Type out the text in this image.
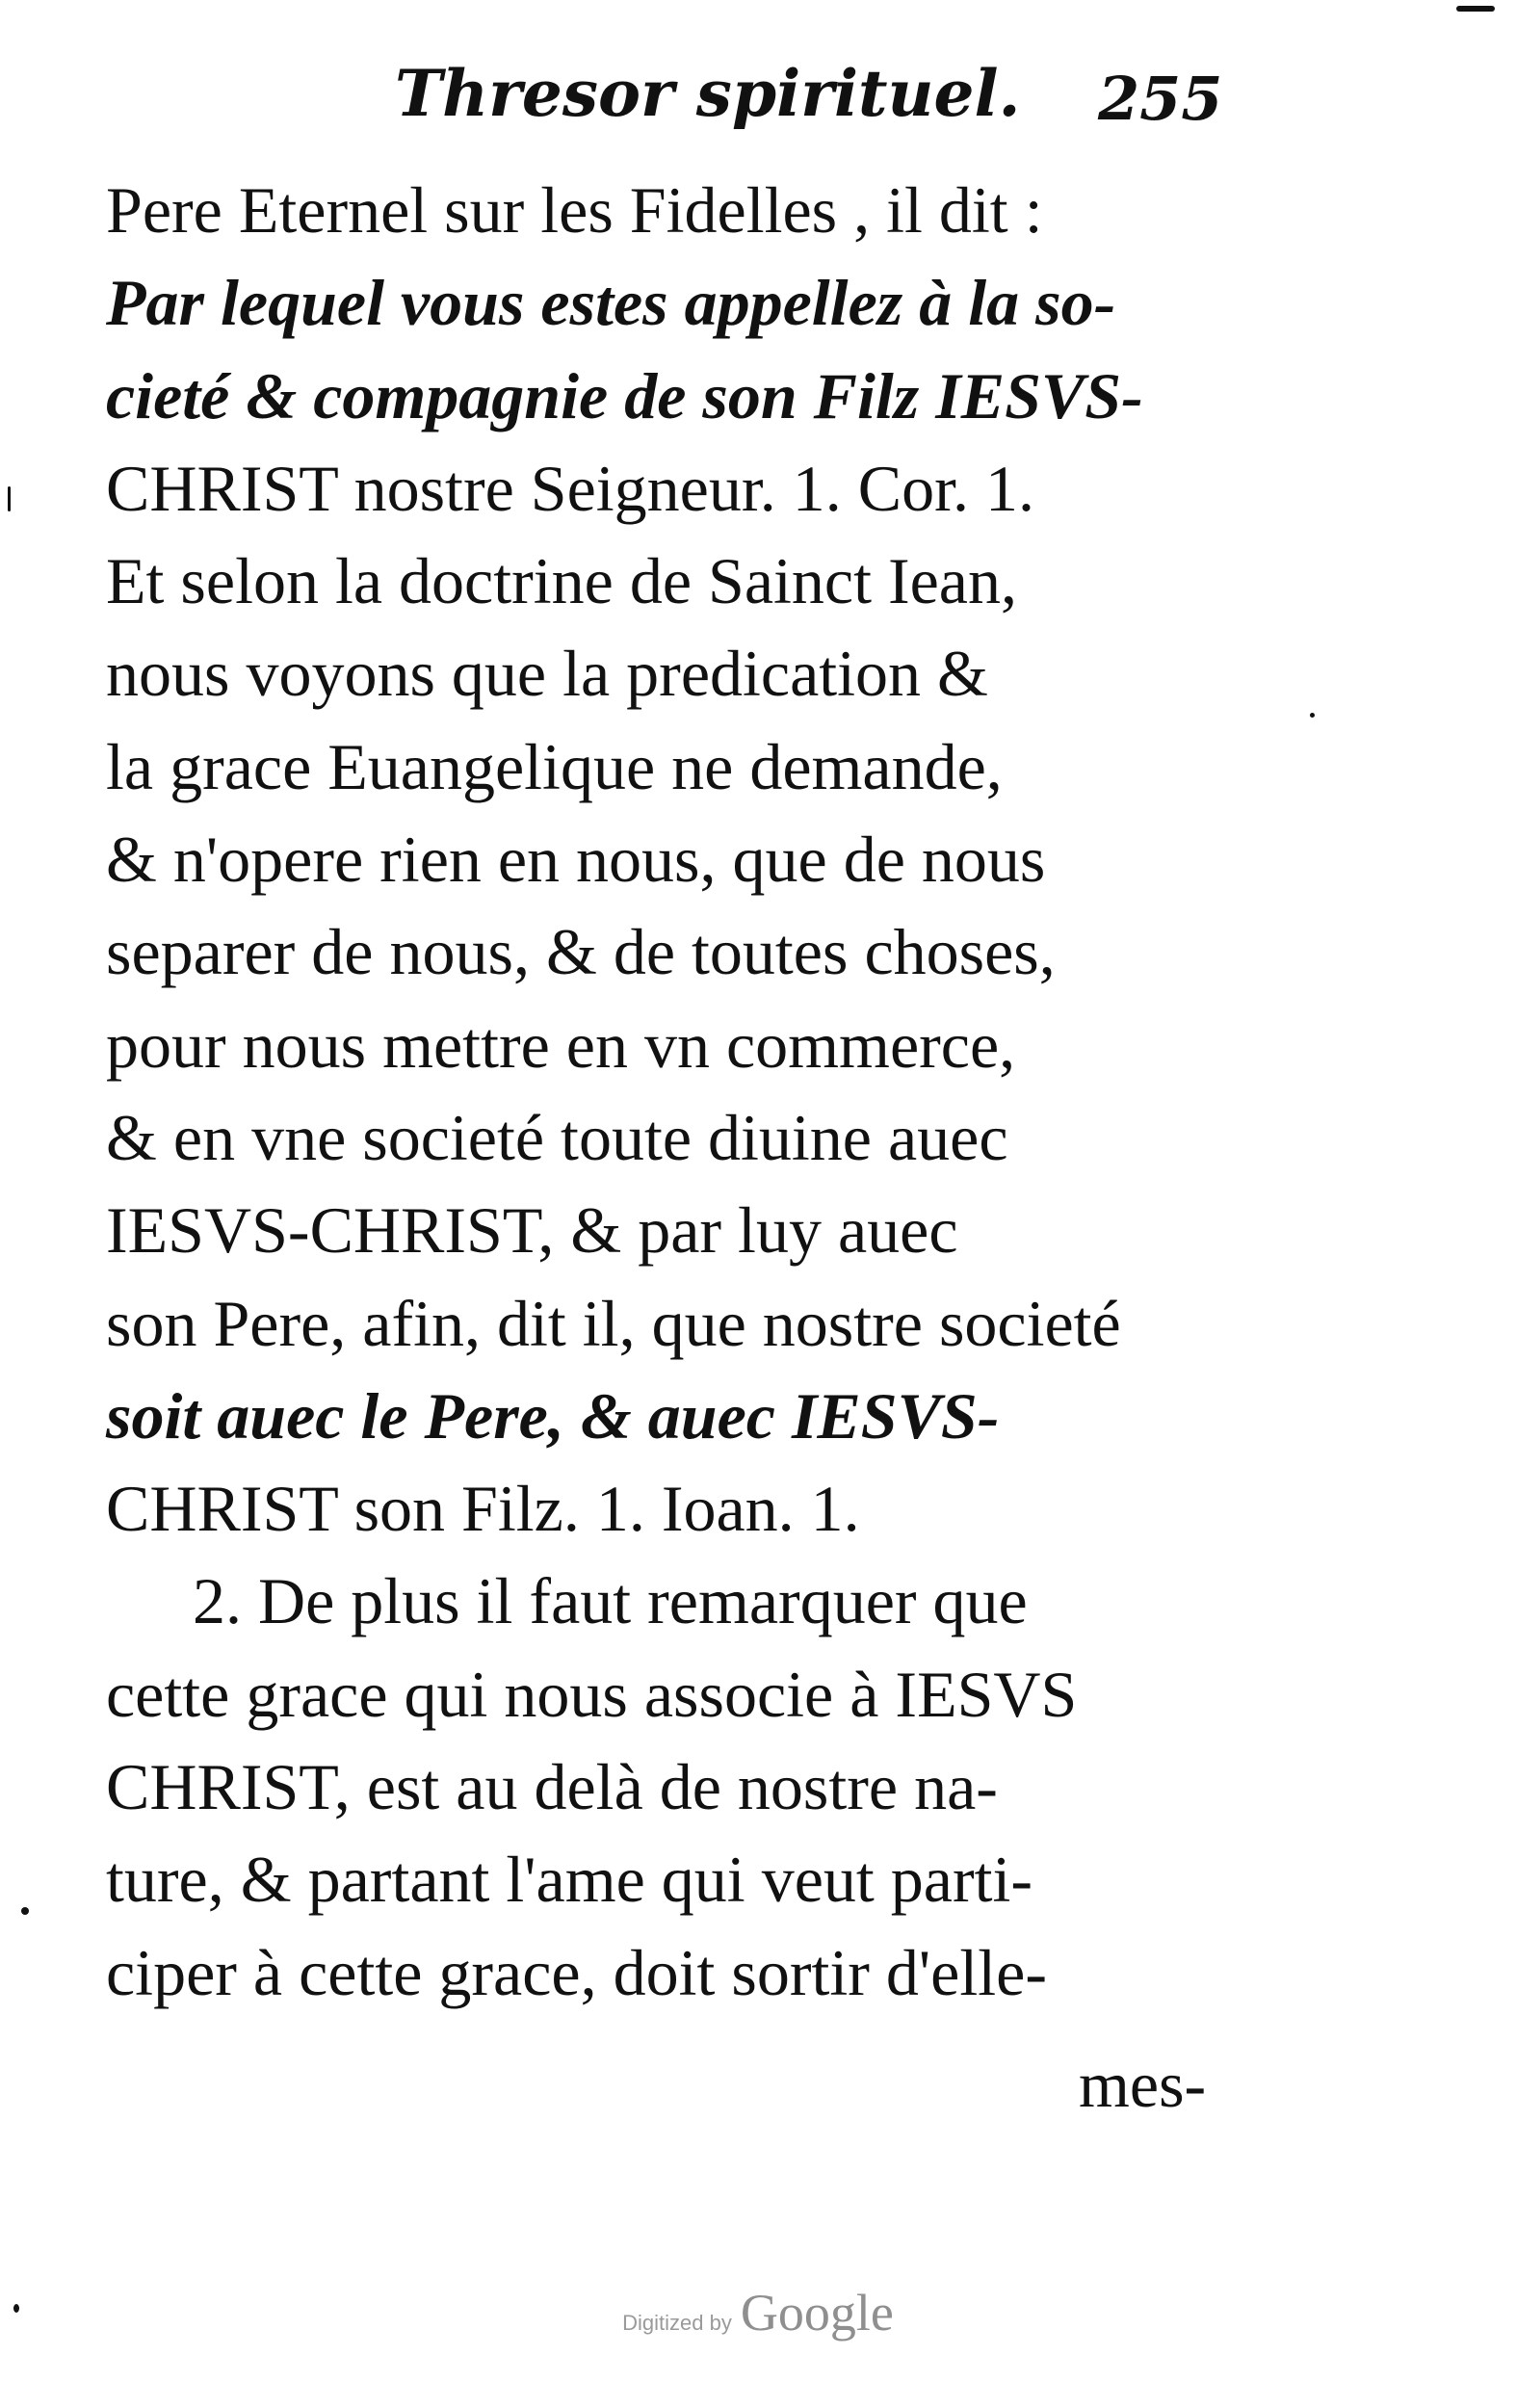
Thresor spirituel. 255
Pere Eternel sur les Fidelles , il dit :
Par lequel vous estes appellez à la so-
cieté & compagnie de son Filz IESVS-
CHRIST nostre Seigneur. 1. Cor. 1.
Et selon la doctrine de Sainct Iean,
nous voyons que la predication &
la grace Euangelique ne demande,
& n'opere rien en nous, que de nous
separer de nous, & de toutes choses,
pour nous mettre en vn commerce,
& en vne societé toute diuine auec
IESVS-CHRIST, & par luy auec
son Pere, afin, dit il, que nostre societé
soit auec le Pere, & auec IESVS-
CHRIST son Filz. 1. Ioan. 1.
2. De plus il faut remarquer que
cette grace qui nous associe à IESVS
CHRIST, est au delà de nostre na-
ture, & partant l'ame qui veut parti-
ciper à cette grace, doit sortir d'elle-
mes-
Digitized by Google
